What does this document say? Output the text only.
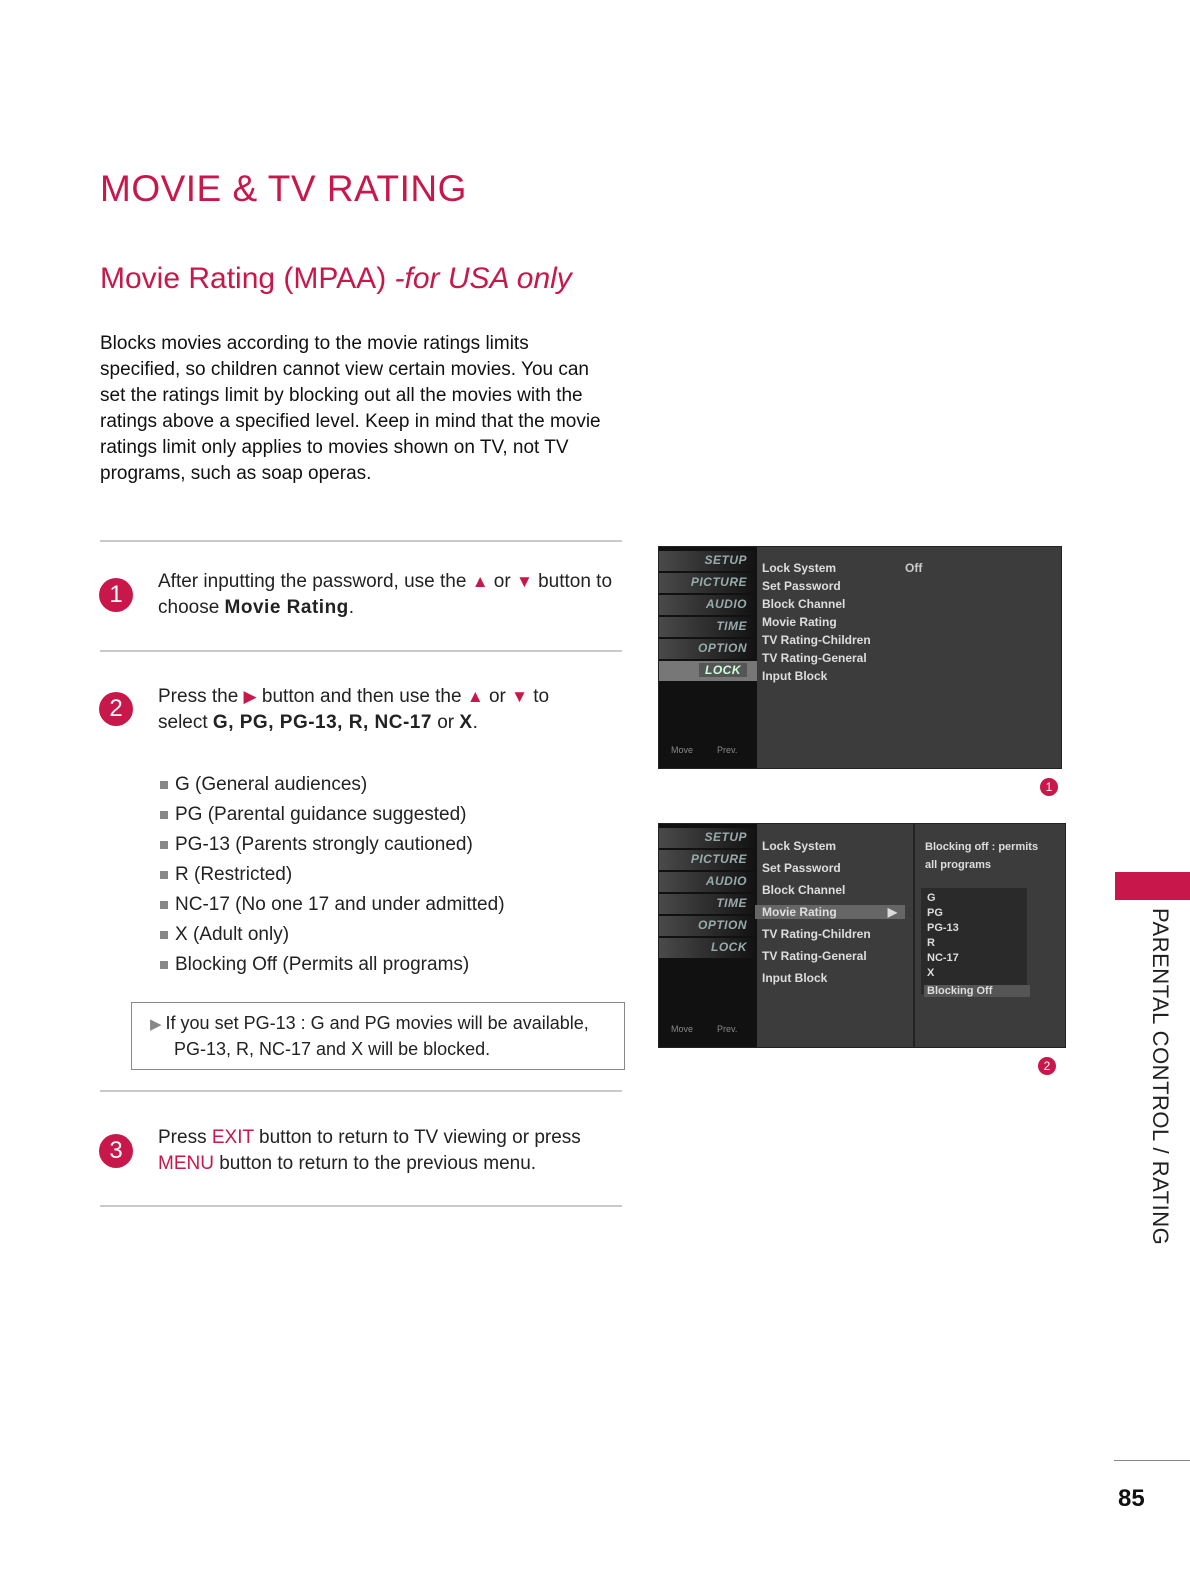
MOVIE & TV RATING
Movie Rating (MPAA) -for USA only
Blocks movies according to the movie ratings limits specified, so children cannot view certain movies. You can set the ratings limit by blocking out all the movies with the ratings above a specified level. Keep in mind that the movie ratings limit only applies to movies shown on TV, not TV programs, such as soap operas.
1	After inputting the password, use the ▲ or ▼ button to choose Movie Rating.
2	Press the ▶ button and then use the ▲ or ▼ to
select G, PG, PG-13, R, NC-17 or X.
G (General audiences)
PG (Parental guidance suggested)
PG-13 (Parents strongly cautioned)
R (Restricted)
NC-17 (No one 17 and under admitted)
X (Adult only)
Blocking Off (Permits all programs)
▶ If you set PG-13 : G and PG movies will be available,
PG-13, R, NC-17 and X will be blocked.
3	Press EXIT button to return to TV viewing or press
MENU button to return to the previous menu.
SETUP
PICTURE
AUDIO
TIME
OPTION
LOCK
Move	Prev.
Lock System
Set Password
Block Channel
Movie Rating
TV Rating-Children
TV Rating-General
Input Block
Off
1
SETUP
PICTURE
AUDIO
TIME
OPTION
LOCK
Move	Prev.
Lock System
Set Password
Block Channel
Movie Rating	▶
TV Rating-Children
TV Rating-General
Input Block
Blocking off : permits
all programs
G
PG
PG-13
R
NC-17
X
Blocking Off
2	PARENTAL CONTROL / RATING
85
